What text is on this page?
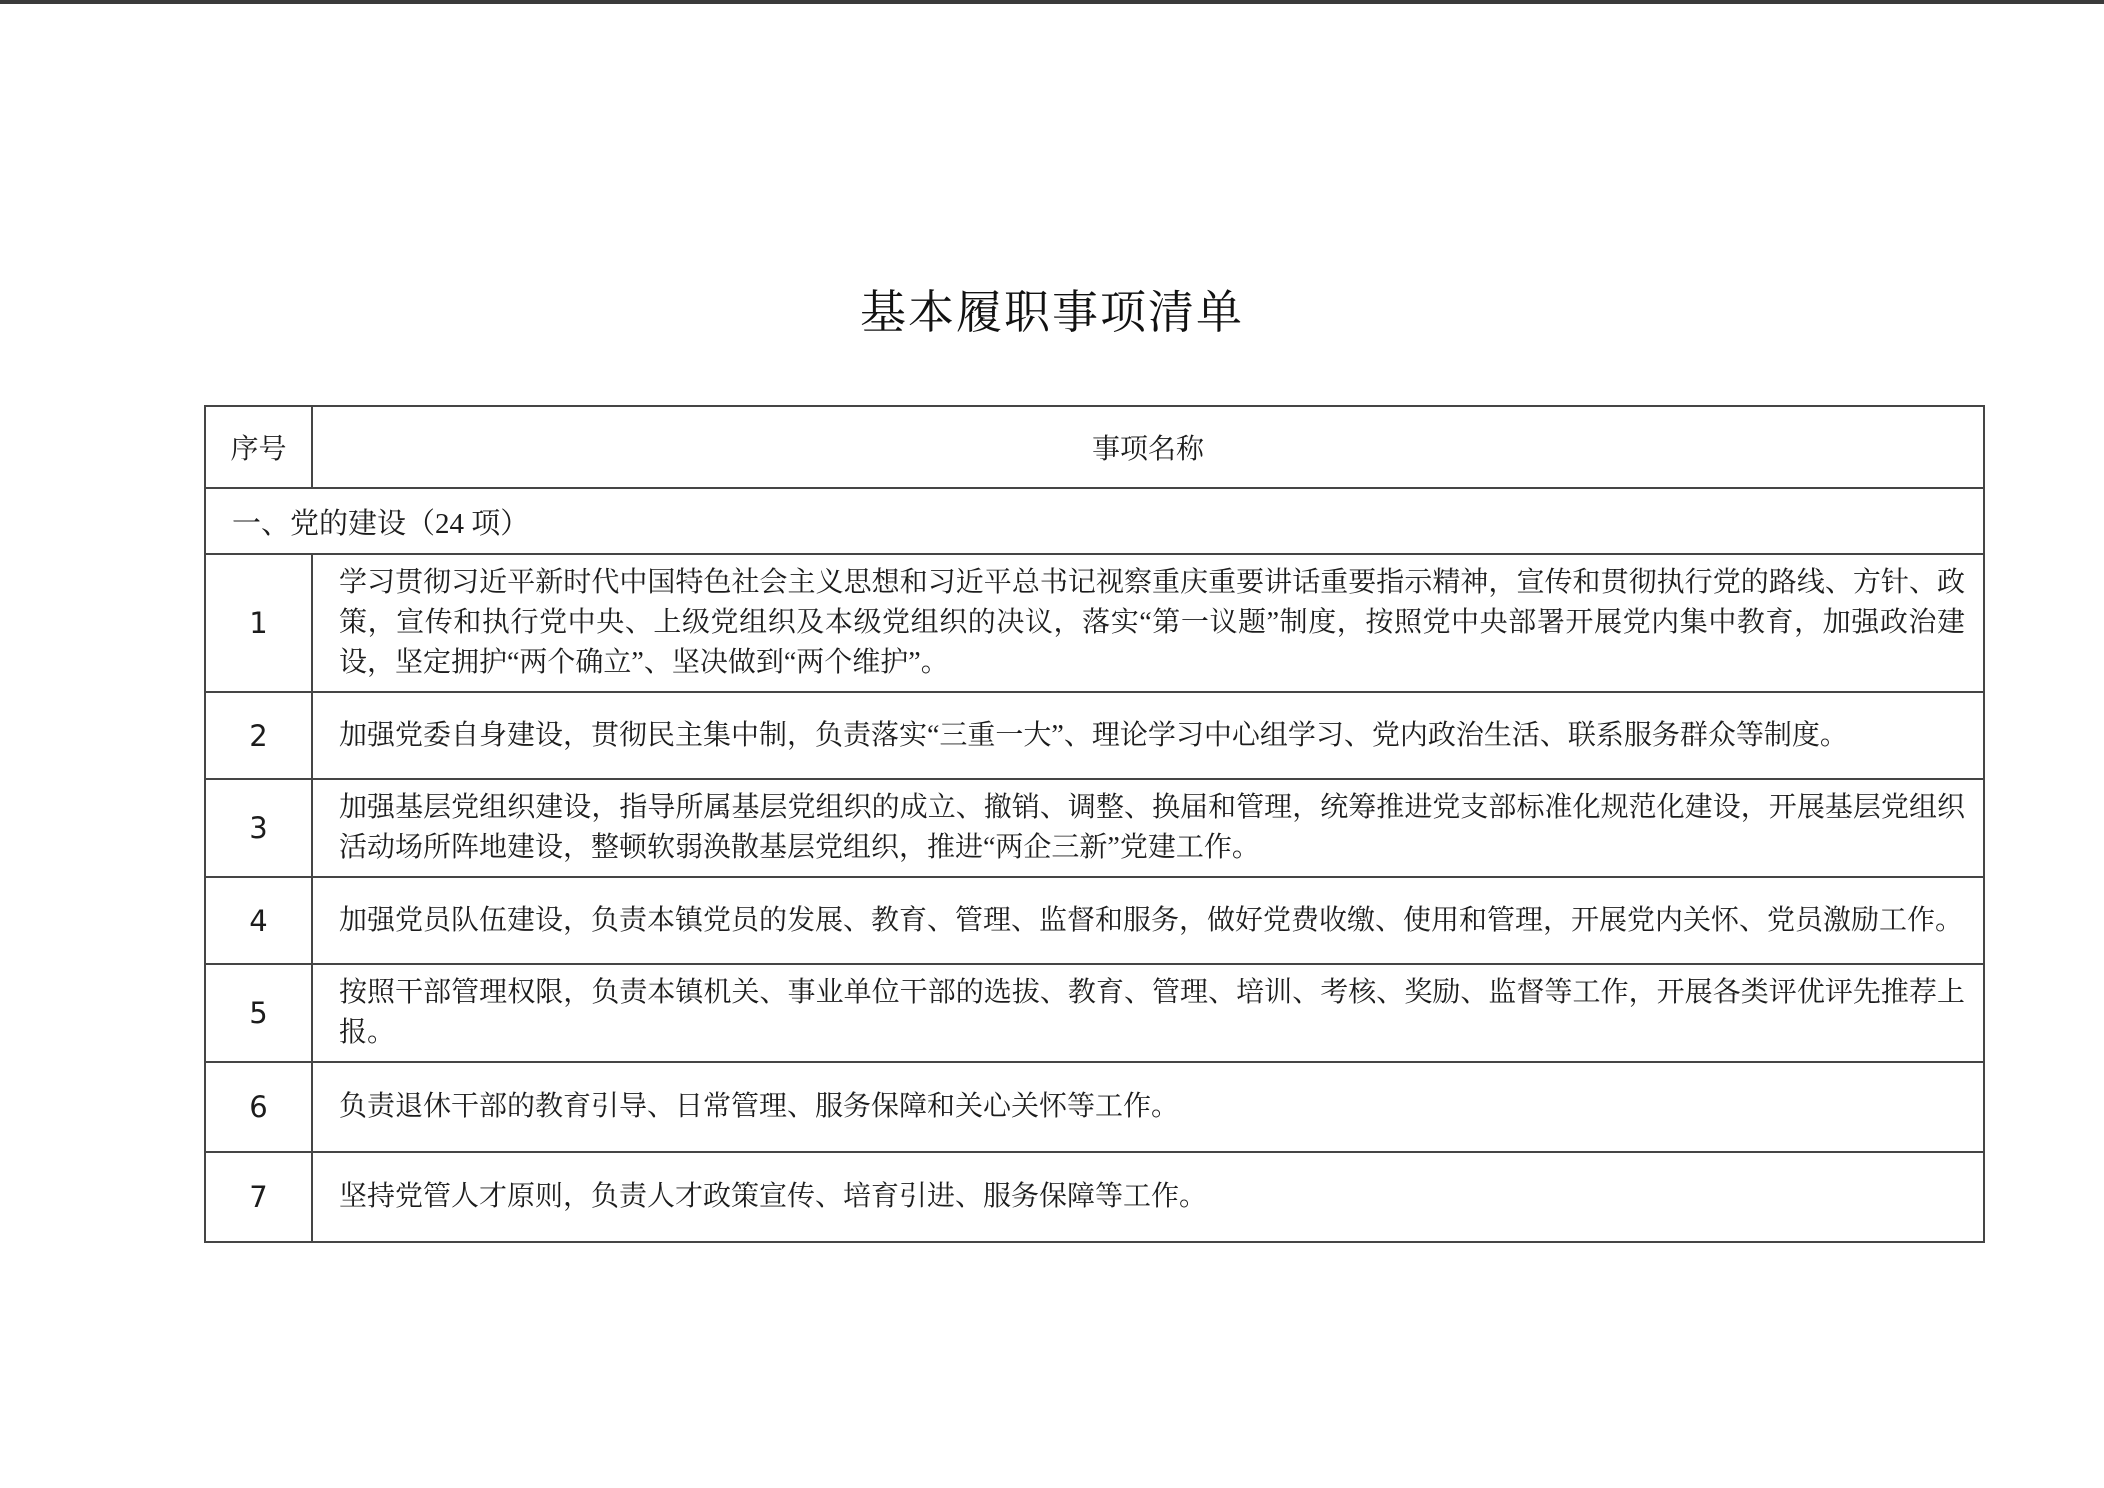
基本履职事项清单
序号	事项名称
一、党的建设（24 项）	
1	学习贯彻习近平新时代中国特色社会主义思想和习近平总书记视察重庆重要讲话重要指示精神，宣传和贯彻执行党的路线、方针、政策，宣传和执行党中央、上级党组织及本级党组织的决议，落实“第一议题”制度，按照党中央部署开展党内集中教育，加强政治建设，坚定拥护“两个确立”、坚决做到“两个维护”。
2	加强党委自身建设，贯彻民主集中制，负责落实“三重一大”、理论学习中心组学习、党内政治生活、联系服务群众等制度。
3	加强基层党组织建设，指导所属基层党组织的成立、撤销、调整、换届和管理，统筹推进党支部标准化规范化建设，开展基层党组织活动场所阵地建设，整顿软弱涣散基层党组织，推进“两企三新”党建工作。
4	加强党员队伍建设，负责本镇党员的发展、教育、管理、监督和服务，做好党费收缴、使用和管理，开展党内关怀、党员激励工作。
5	按照干部管理权限，负责本镇机关、事业单位干部的选拔、教育、管理、培训、考核、奖励、监督等工作，开展各类评优评先推荐上报。
6	负责退休干部的教育引导、日常管理、服务保障和关心关怀等工作。
7	坚持党管人才原则，负责人才政策宣传、培育引进、服务保障等工作。
